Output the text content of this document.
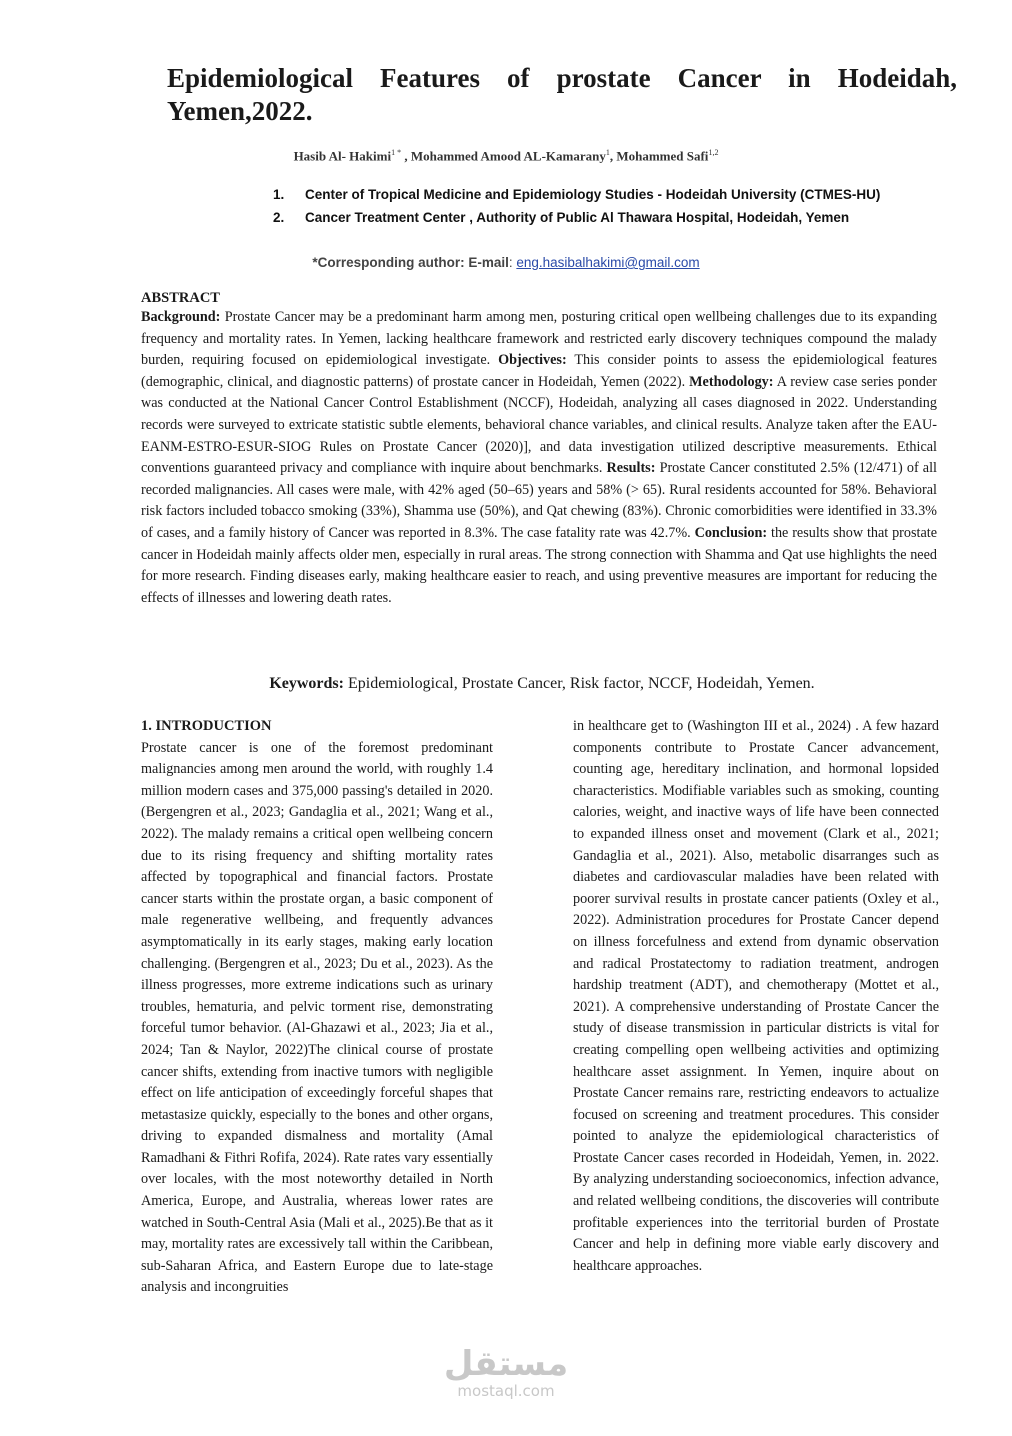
Epidemiological Features of prostate Cancer in Hodeidah, Yemen,2022.
Hasib Al- Hakimi$^{1 *}$ , Mohammed Amood AL-Kamarany$^1$, Mohammed Safi$^{1,2}$
1.	Center of Tropical Medicine and Epidemiology Studies - Hodeidah University (CTMES-HU)
2.	Cancer Treatment Center , Authority of Public Al Thawara Hospital, Hodeidah, Yemen
*Corresponding author: E-mail: eng.hasibalhakimi@gmail.com
ABSTRACT
Background: Prostate Cancer may be a predominant harm among men, posturing critical open wellbeing challenges due to its expanding frequency and mortality rates. In Yemen, lacking healthcare framework and restricted early discovery techniques compound the malady burden, requiring focused on epidemiological investigate. Objectives: This consider points to assess the epidemiological features (demographic, clinical, and diagnostic patterns) of prostate cancer in Hodeidah, Yemen (2022). Methodology: A review case series ponder was conducted at the National Cancer Control Establishment (NCCF), Hodeidah, analyzing all cases diagnosed in 2022. Understanding records were surveyed to extricate statistic subtle elements, behavioral chance variables, and clinical results. Analyze taken after the EAU-EANM-ESTRO-ESUR-SIOG Rules on Prostate Cancer (2020)], and data investigation utilized descriptive measurements. Ethical conventions guaranteed privacy and compliance with inquire about benchmarks. Results: Prostate Cancer constituted 2.5% (12/471) of all recorded malignancies. All cases were male, with 42% aged (50–65) years and 58% (> 65). Rural residents accounted for 58%. Behavioral risk factors included tobacco smoking (33%), Shamma use (50%), and Qat chewing (83%). Chronic comorbidities were identified in 33.3% of cases, and a family history of Cancer was reported in 8.3%. The case fatality rate was 42.7%. Conclusion: the results show that prostate cancer in Hodeidah mainly affects older men, especially in rural areas. The strong connection with Shamma and Qat use highlights the need for more research. Finding diseases early, making healthcare easier to reach, and using preventive measures are important for reducing the effects of illnesses and lowering death rates.
Keywords: Epidemiological, Prostate Cancer, Risk factor, NCCF, Hodeidah, Yemen.
1. INTRODUCTION
Prostate cancer is one of the foremost predominant malignancies among men around the world, with roughly 1.4 million modern cases and 375,000 passing's detailed in 2020. (Bergengren et al., 2023; Gandaglia et al., 2021; Wang et al., 2022). The malady remains a critical open wellbeing concern due to its rising frequency and shifting mortality rates affected by topographical and financial factors. Prostate cancer starts within the prostate organ, a basic component of male regenerative wellbeing, and frequently advances asymptomatically in its early stages, making early location challenging. (Bergengren et al., 2023; Du et al., 2023). As the illness progresses, more extreme indications such as urinary troubles, hematuria, and pelvic torment rise, demonstrating forceful tumor behavior. (Al-Ghazawi et al., 2023; Jia et al., 2024; Tan & Naylor, 2022)The clinical course of prostate cancer shifts, extending from inactive tumors with negligible effect on life anticipation of exceedingly forceful shapes that metastasize quickly, especially to the bones and other organs, driving to expanded dismalness and mortality (Amal Ramadhani & Fithri Rofifa, 2024). Rate rates vary essentially over locales, with the most noteworthy detailed in North America, Europe, and Australia, whereas lower rates are watched in South-Central Asia (Mali et al., 2025).Be that as it may, mortality rates are excessively tall within the Caribbean, sub-Saharan Africa, and Eastern Europe due to late-stage analysis and incongruities
in healthcare get to (Washington III et al., 2024) . A few hazard components contribute to Prostate Cancer advancement, counting age, hereditary inclination, and hormonal lopsided characteristics. Modifiable variables such as smoking, counting calories, weight, and inactive ways of life have been connected to expanded illness onset and movement (Clark et al., 2021; Gandaglia et al., 2021). Also, metabolic disarranges such as diabetes and cardiovascular maladies have been related with poorer survival results in prostate cancer patients (Oxley et al., 2022). Administration procedures for Prostate Cancer depend on illness forcefulness and extend from dynamic observation and radical Prostatectomy to radiation treatment, androgen hardship treatment (ADT), and chemotherapy (Mottet et al., 2021). A comprehensive understanding of Prostate Cancer the study of disease transmission in particular districts is vital for creating compelling open wellbeing activities and optimizing healthcare asset assignment. In Yemen, inquire about on Prostate Cancer remains rare, restricting endeavors to actualize focused on screening and treatment procedures. This consider pointed to analyze the epidemiological characteristics of Prostate Cancer cases recorded in Hodeidah, Yemen, in. 2022. By analyzing understanding socioeconomics, infection advance, and related wellbeing conditions, the discoveries will contribute profitable experiences into the territorial burden of Prostate Cancer and help in defining more viable early discovery and healthcare approaches.
مستقل
mostaql.com
